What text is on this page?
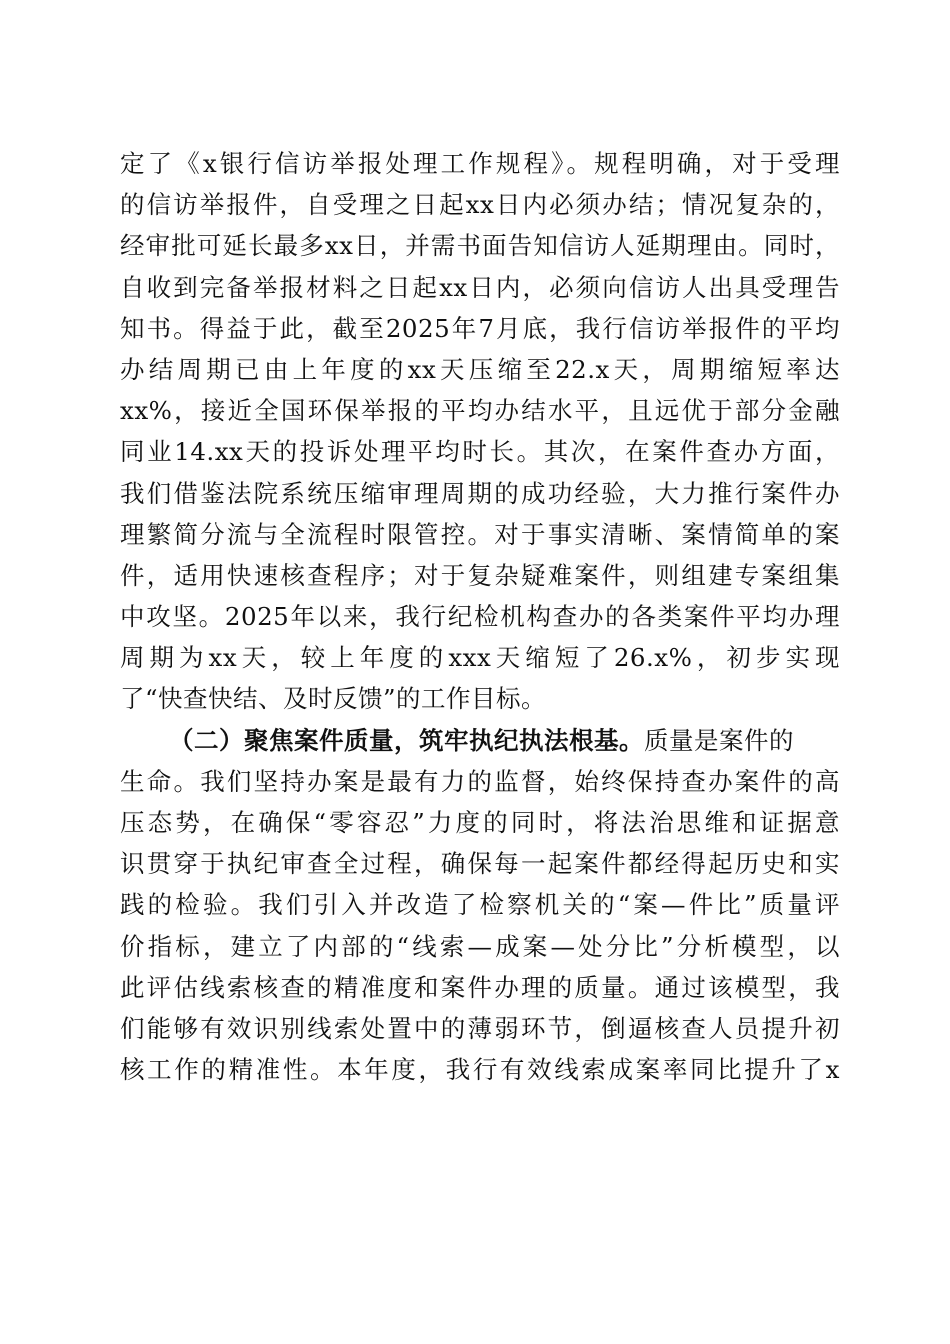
定了《x银行信访举报处理工作规程》。规程明确，对于受理
的信访举报件，自受理之日起xx日内必须办结；情况复杂的，
经审批可延长最多xx日，并需书面告知信访人延期理由。同时，
自收到完备举报材料之日起xx日内，必须向信访人出具受理告
知书。得益于此，截至2025年7月底，我行信访举报件的平均
办结周期已由上年度的xx天压缩至22.x天，周期缩短率达
xx%，接近全国环保举报的平均办结水平，且远优于部分金融
同业14.xx天的投诉处理平均时长。其次，在案件查办方面，
我们借鉴法院系统压缩审理周期的成功经验，大力推行案件办
理繁简分流与全流程时限管控。对于事实清晰、案情简单的案
件，适用快速核查程序；对于复杂疑难案件，则组建专案组集
中攻坚。2025年以来，我行纪检机构查办的各类案件平均办理
周期为xx天，较上年度的xxx天缩短了26.x%，初步实现
了“快查快结、及时反馈”的工作目标。
（二）聚焦案件质量，筑牢执纪执法根基。质量是案件的
生命。我们坚持办案是最有力的监督，始终保持查办案件的高
压态势，在确保“零容忍”力度的同时，将法治思维和证据意
识贯穿于执纪审查全过程，确保每一起案件都经得起历史和实
践的检验。我们引入并改造了检察机关的“案—件比”质量评
价指标，建立了内部的“线索—成案—处分比”分析模型，以
此评估线索核查的精准度和案件办理的质量。通过该模型，我
们能够有效识别线索处置中的薄弱环节，倒逼核查人员提升初
核工作的精准性。本年度，我行有效线索成案率同比提升了x
